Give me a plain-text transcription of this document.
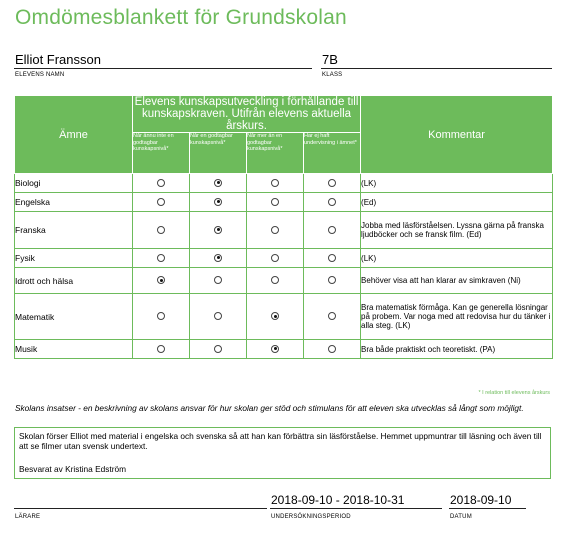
Omdömesblankett för Grundskolan
Elliot Fransson
ELEVENS NAMN
7B
KLASS
Ämne	Elevens kunskapsutveckling i förhållande till kunskapskraven. Utifrån elevens aktuella årskurs.				Kommentar
	Når ännu inte en godtagbar kunskapsnivå*	Når en godtagbar kunskapsnivå*	Når mer än en godtagbar kunskapsnivå*	Har ej haft undervisning i ämnet*	
Biologi					(LK)
Engelska					(Ed)
Franska					Jobba med läsförståelsen. Lyssna gärna på franska ljudböcker och se fransk film. (Ed)
Fysik					(LK)
Idrott och hälsa					Behöver visa att han klarar av simkraven (Ni)
Matematik					Bra matematisk förmåga. Kan ge generella lösningar på probem. Var noga med att redovisa hur du tänker i alla steg. (LK)
Musik					Bra både praktiskt och teoretiskt. (PA)
* I relation till elevens årskurs
Skolans insatser - en beskrivning av skolans ansvar för hur skolan ger stöd och stimulans för att eleven ska utvecklas så långt som möjligt.
Skolan förser Elliot med material i engelska och svenska så att han kan förbättra sin läsförståelse. Hemmet uppmuntrar till läsning och även till att se filmer utan svensk undertext.
Besvarat av Kristina Edström
LÄRARE
2018-09-10 - 2018-10-31
UNDERSÖKNINGSPERIOD
2018-09-10
DATUM
